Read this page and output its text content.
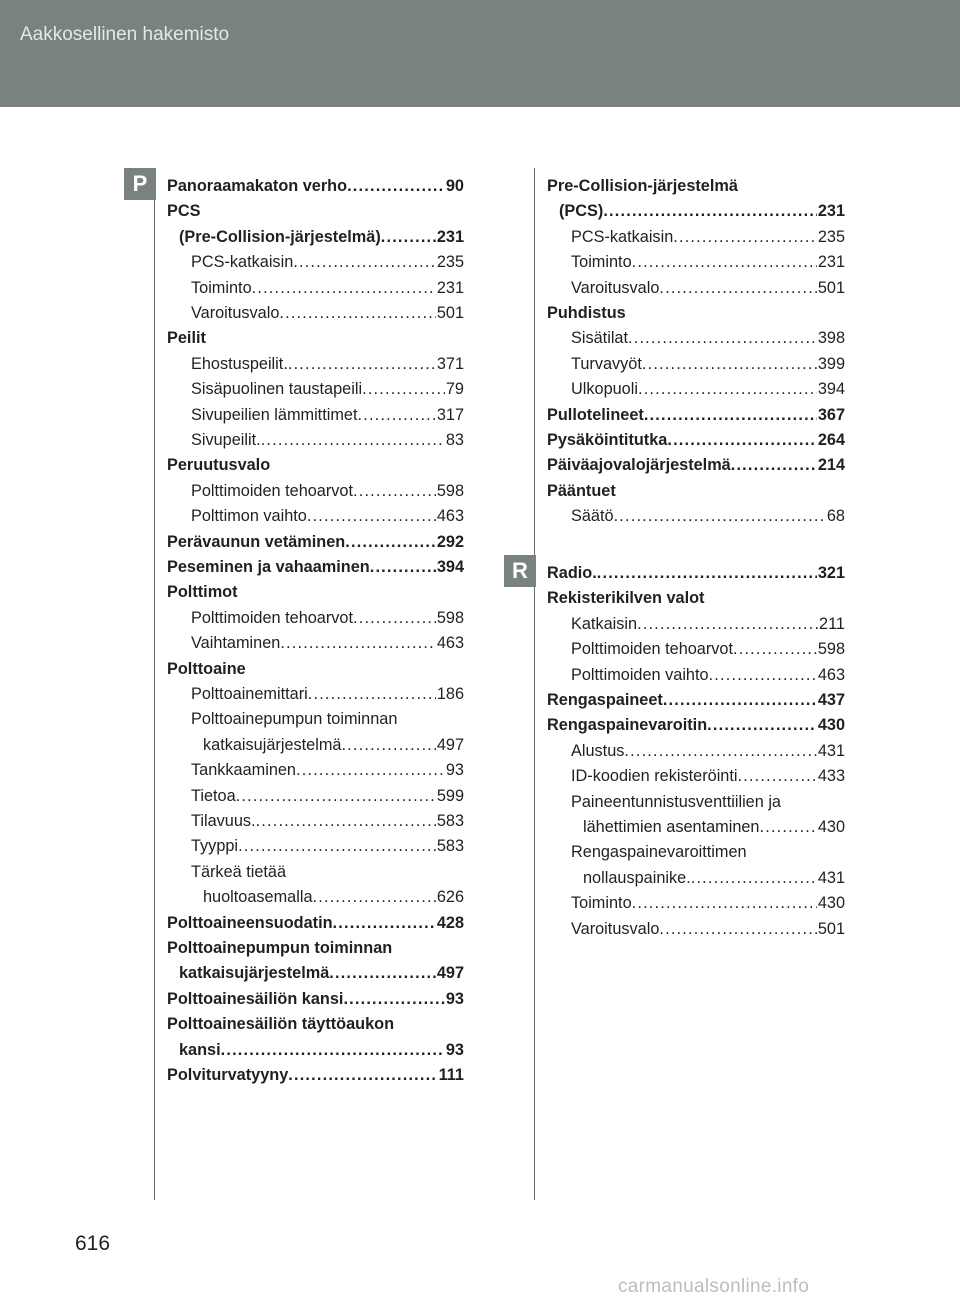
Aakkosellinen hakemisto
P
R
Panoraamakaton verho .....	90
PCS
(Pre-Collision-järjestelmä) .....	231
PCS-katkaisin .....	235
Toiminto .....	231
Varoitusvalo .....	501
Peilit
Ehostuspeilit. .....	371
Sisäpuolinen taustapeili .....	79
Sivupeilien lämmittimet .....	317
Sivupeilit. .....	83
Peruutusvalo
Polttimoiden tehoarvot .....	598
Polttimon vaihto .....	463
Perävaunun vetäminen .....	292
Peseminen ja vahaaminen .....	394
Polttimot
Polttimoiden tehoarvot .....	598
Vaihtaminen .....	463
Polttoaine
Polttoainemittari .....	186
Polttoainepumpun toiminnan
katkaisujärjestelmä .....	497
Tankkaaminen .....	93
Tietoa .....	599
Tilavuus. .....	583
Tyyppi .....	583
Tärkeä tietää
huoltoasemalla .....	626
Polttoaineensuodatin .....	428
Polttoainepumpun toiminnan
katkaisujärjestelmä .....	497
Polttoainesäiliön kansi .....	93
Polttoainesäiliön täyttöaukon
kansi .....	93
Polviturvatyyny .....	111
Pre-Collision-järjestelmä
(PCS) .....	231
PCS-katkaisin .....	235
Toiminto .....	231
Varoitusvalo .....	501
Puhdistus
Sisätilat .....	398
Turvavyöt .....	399
Ulkopuoli .....	394
Pullotelineet .....	367
Pysäköintitutka .....	264
Päiväajovalojärjestelmä .....	214
Pääntuet
Säätö .....	68
Radio. .....	321
Rekisterikilven valot
Katkaisin .....	211
Polttimoiden tehoarvot .....	598
Polttimoiden vaihto .....	463
Rengaspaineet .....	437
Rengaspainevaroitin .....	430
Alustus .....	431
ID-koodien rekisteröinti .....	433
Paineentunnistusventtiilien ja
lähettimien asentaminen .....	430
Rengaspainevaroittimen
nollauspainike. .....	431
Toiminto .....	430
Varoitusvalo .....	501
616
carmanualsonline.info
